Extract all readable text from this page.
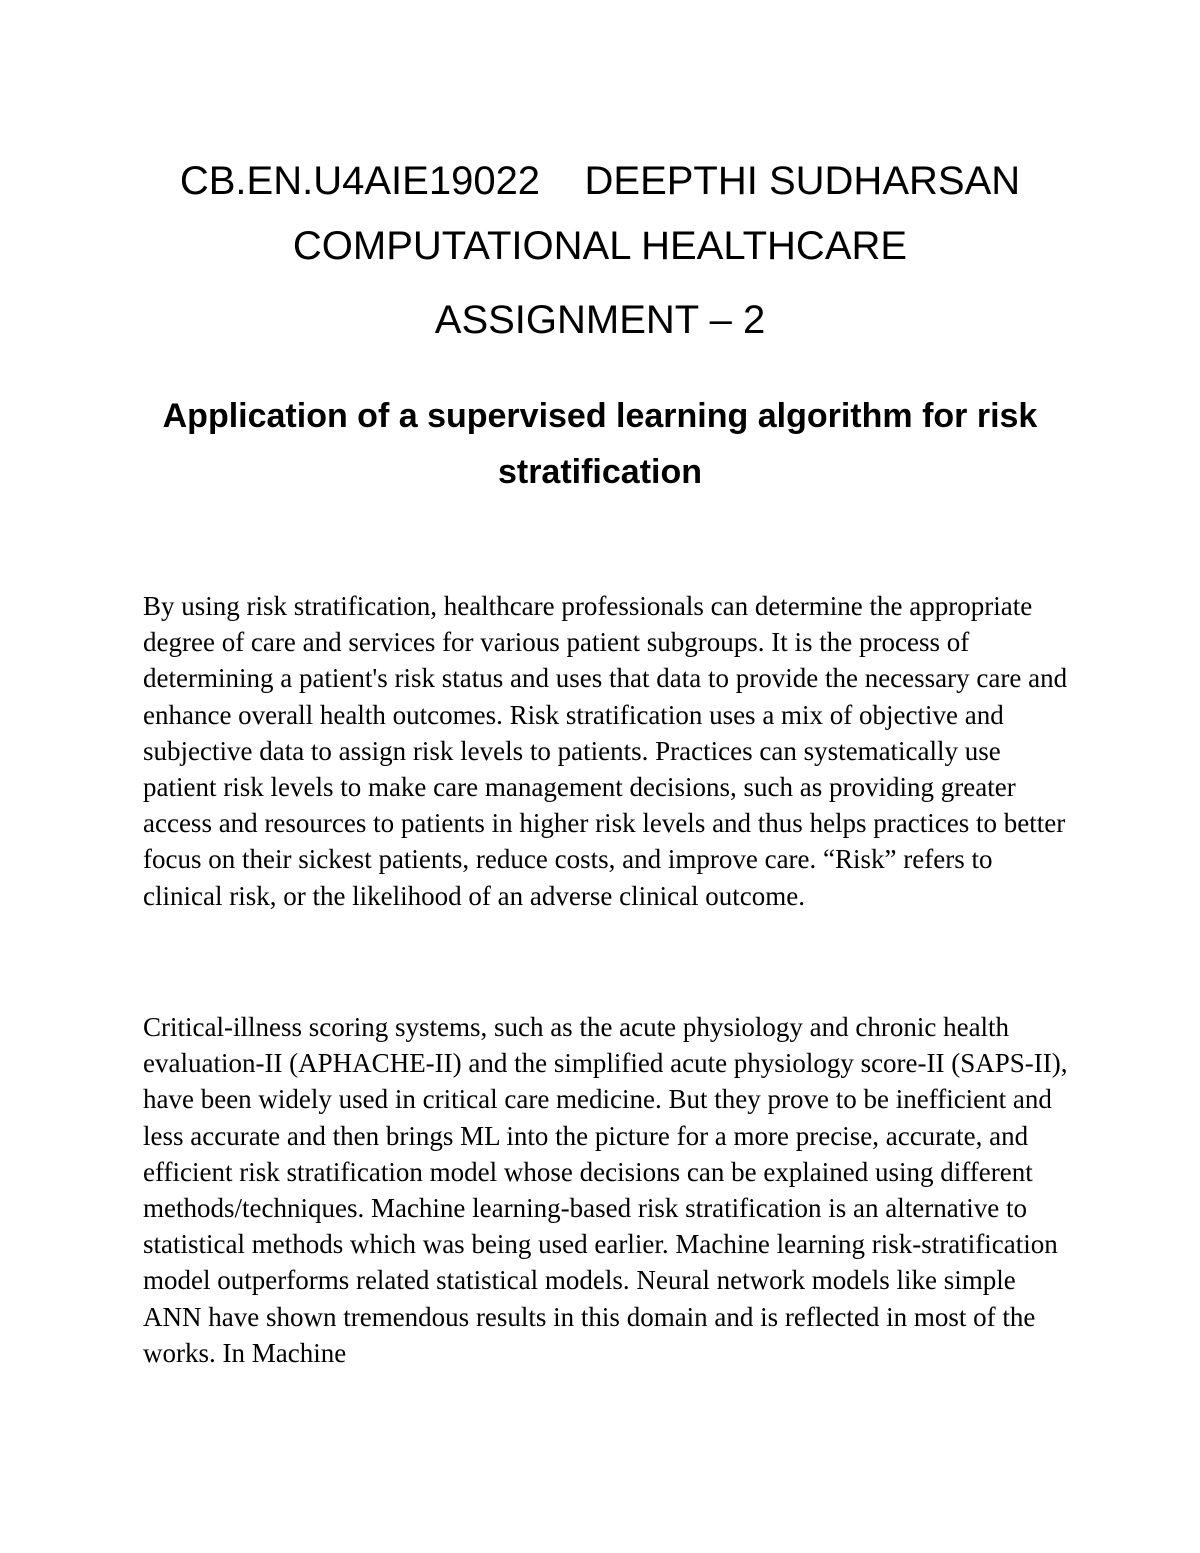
CB.EN.U4AIE19022    DEEPTHI SUDHARSAN
COMPUTATIONAL HEALTHCARE
ASSIGNMENT – 2
Application of a supervised learning algorithm for risk stratification

By using risk stratification, healthcare professionals can determine the appropriate degree of care and services for various patient subgroups. It is the process of determining a patient's risk status and uses that data to provide the necessary care and enhance overall health outcomes. Risk stratification uses a mix of objective and subjective data to assign risk levels to patients. Practices can systematically use patient risk levels to make care management decisions, such as providing greater access and resources to patients in higher risk levels and thus helps practices to better focus on their sickest patients, reduce costs, and improve care. “Risk” refers to clinical risk, or the likelihood of an adverse clinical outcome.

Critical-illness scoring systems, such as the acute physiology and chronic health evaluation-II (APHACHE-II) and the simplified acute physiology score-II (SAPS-II), have been widely used in critical care medicine. But they prove to be inefficient and less accurate and then brings ML into the picture for a more precise, accurate, and efficient risk stratification model whose decisions can be explained using different methods/techniques. Machine learning-based risk stratification is an alternative to statistical methods which was being used earlier. Machine learning risk-stratification model outperforms related statistical models. Neural network models like simple ANN have shown tremendous results in this domain and is reflected in most of the works. In Machine
